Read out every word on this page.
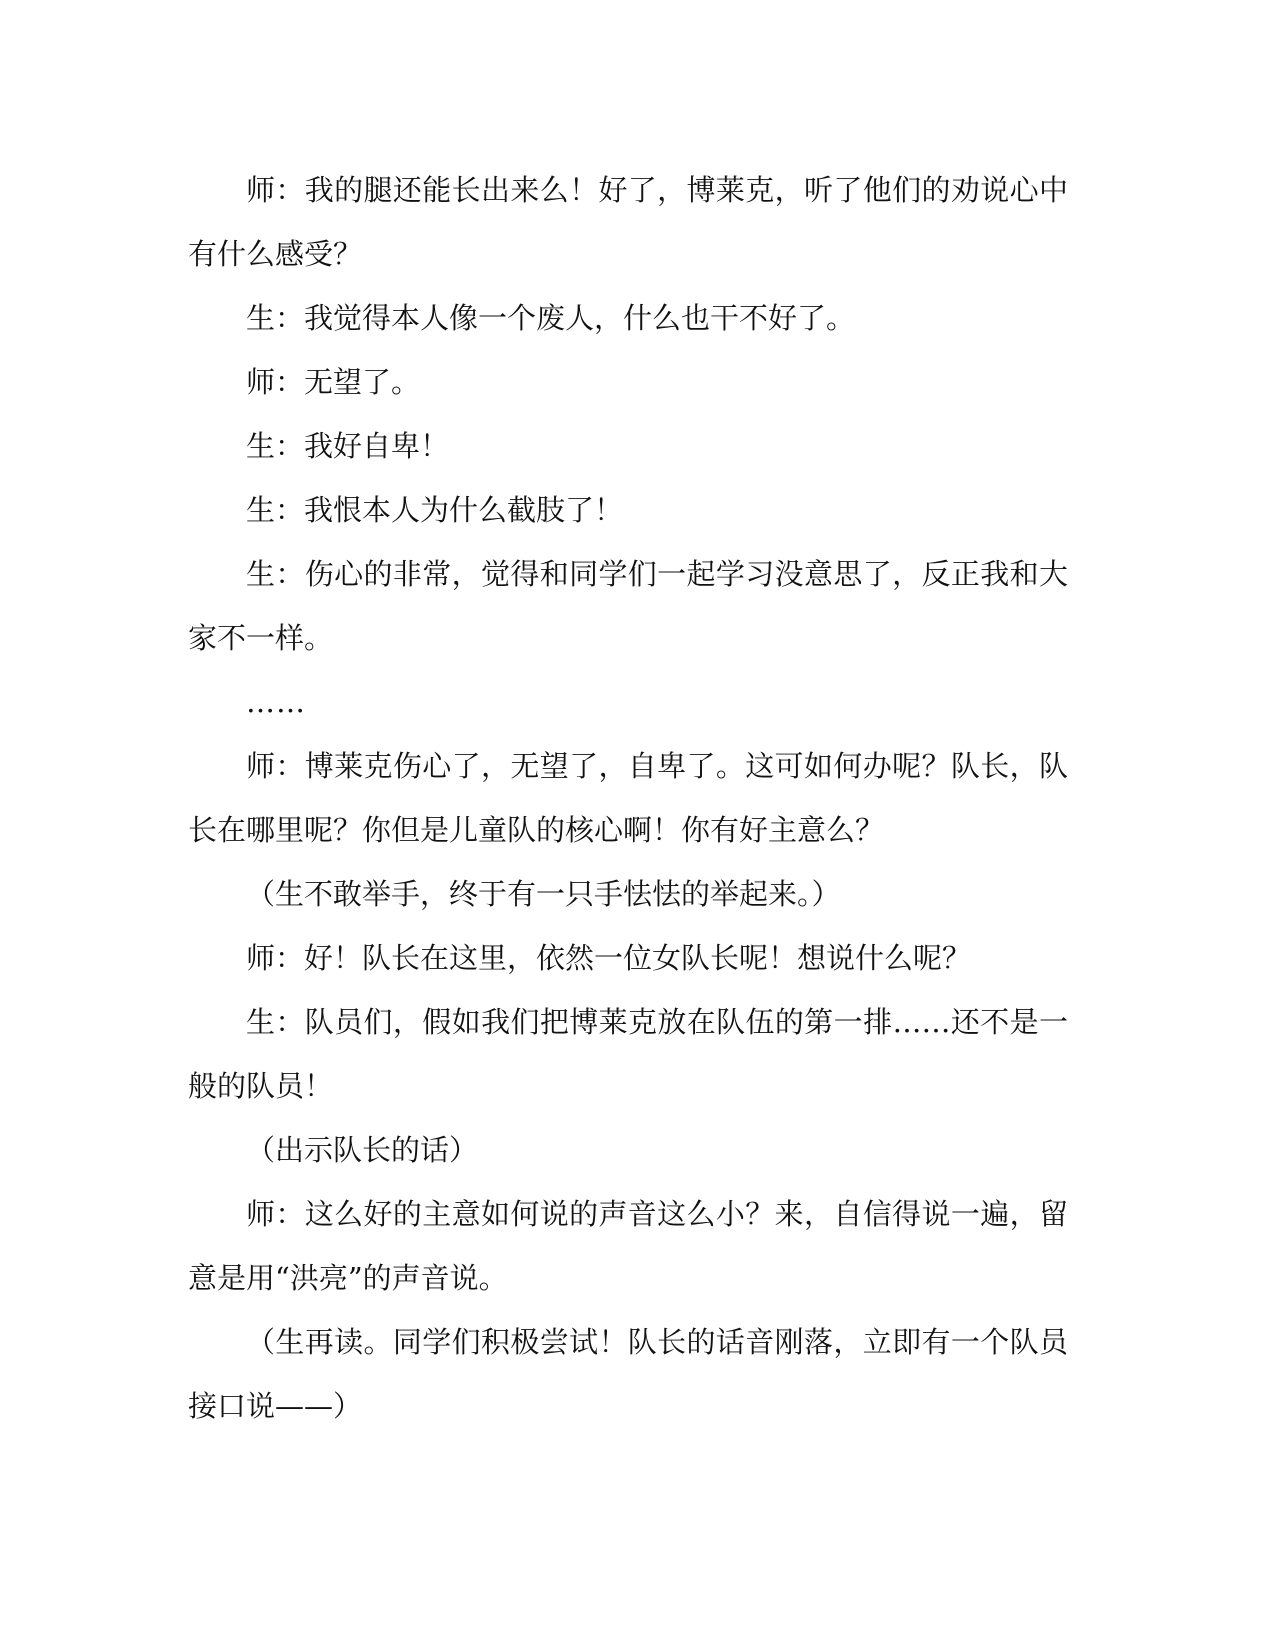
师：我的腿还能长出来么！好了，博莱克，听了他们的劝说心中有什么感受？

生：我觉得本人像一个废人，什么也干不好了。

师：无望了。

生：我好自卑！

生：我恨本人为什么截肢了！

生：伤心的非常，觉得和同学们一起学习没意思了，反正我和大家不一样。

……

师：博莱克伤心了，无望了，自卑了。这可如何办呢？队长，队长在哪里呢？你但是儿童队的核心啊！你有好主意么？

（生不敢举手，终于有一只手怯怯的举起来。）

师：好！队长在这里，依然一位女队长呢！想说什么呢？

生：队员们，假如我们把博莱克放在队伍的第一排……还不是一般的队员！

（出示队长的话）

师：这么好的主意如何说的声音这么小？来，自信得说一遍，留意是用“洪亮”的声音说。

（生再读。同学们积极尝试！队长的话音刚落，立即有一个队员接口说——）
